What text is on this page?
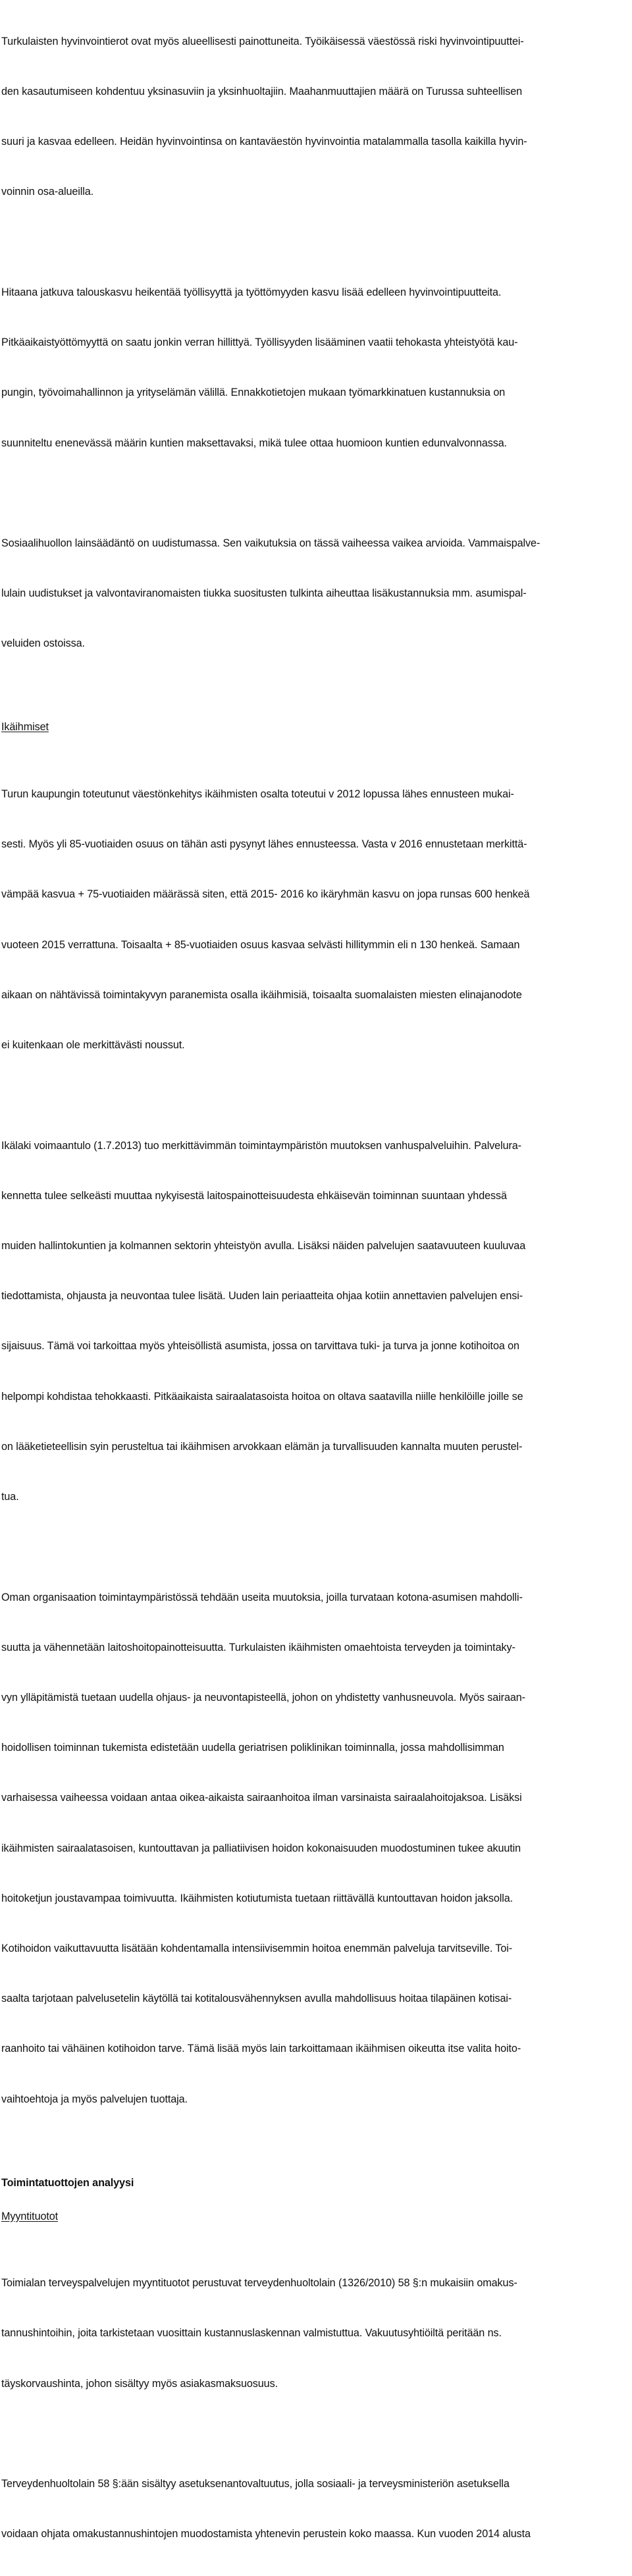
Turkulaisten hyvinvointierot ovat myös alueellisesti painottuneita. Työikäisessä väestössä riski hyvinvointipuuttei-

den kasautumiseen kohdentuu yksinasuviin ja yksinhuoltajiin. Maahanmuuttajien määrä on Turussa suhteellisen

suuri ja kasvaa edelleen. Heidän hyvinvointinsa on kantaväestön hyvinvointia matalammalla tasolla kaikilla hyvin-

voinnin osa-alueilla.

Hitaana jatkuva talouskasvu heikentää työllisyyttä ja työttömyyden kasvu lisää edelleen hyvinvointipuutteita.

Pitkäaikaistyöttömyyttä on saatu jonkin verran hillittyä. Työllisyyden lisääminen vaatii tehokasta yhteistyötä kau-

pungin, työvoimahallinnon ja yrityselämän välillä. Ennakkotietojen mukaan työmarkkinatuen kustannuksia on

suunniteltu enenevässä määrin kuntien maksettavaksi, mikä tulee ottaa huomioon kuntien edunvalvonnassa.

Sosiaalihuollon lainsäädäntö on uudistumassa. Sen vaikutuksia on tässä vaiheessa vaikea arvioida. Vammaispalve-

lulain uudistukset ja valvontaviranomaisten tiukka suositusten tulkinta aiheuttaa lisäkustannuksia mm. asumispal-

veluiden ostoissa.

Ikäihmiset

Turun kaupungin toteutunut väestönkehitys ikäihmisten osalta toteutui v 2012 lopussa lähes ennusteen mukai-

sesti. Myös yli 85-vuotiaiden osuus on tähän asti pysynyt lähes ennusteessa. Vasta v 2016 ennustetaan merkittä-

vämpää kasvua + 75-vuotiaiden määrässä siten, että 2015- 2016 ko ikäryhmän kasvu on jopa runsas 600 henkeä

vuoteen 2015 verrattuna. Toisaalta + 85-vuotiaiden osuus kasvaa selvästi hillitymmin eli n 130 henkeä. Samaan

aikaan on nähtävissä toimintakyvyn paranemista osalla ikäihmisiä, toisaalta suomalaisten miesten elinajanodote

ei kuitenkaan ole merkittävästi noussut.

Ikälaki voimaantulo (1.7.2013) tuo merkittävimmän toimintaympäristön muutoksen vanhuspalveluihin. Palvelura-

kennetta tulee selkeästi muuttaa nykyisestä laitospainotteisuudesta ehkäisevän toiminnan suuntaan yhdessä

muiden hallintokuntien ja kolmannen sektorin yhteistyön avulla. Lisäksi näiden palvelujen saatavuuteen kuuluvaa

tiedottamista, ohjausta ja neuvontaa tulee lisätä. Uuden lain periaatteita ohjaa kotiin annettavien palvelujen ensi-

sijaisuus. Tämä voi tarkoittaa myös yhteisöllistä asumista, jossa on tarvittava tuki- ja turva ja jonne kotihoitoa on

helpompi kohdistaa tehokkaasti. Pitkäaikaista sairaalatasoista hoitoa on oltava saatavilla niille henkilöille joille se

on lääketieteellisin syin perusteltua tai ikäihmisen arvokkaan elämän ja turvallisuuden kannalta muuten perustel-

tua.

Oman organisaation toimintaympäristössä tehdään useita muutoksia, joilla turvataan kotona-asumisen mahdolli-

suutta ja vähennetään laitoshoitopainotteisuutta. Turkulaisten ikäihmisten omaehtoista terveyden ja toimintaky-

vyn ylläpitämistä tuetaan uudella ohjaus- ja neuvontapisteellä, johon on yhdistetty vanhusneuvola. Myös sairaan-

hoidollisen toiminnan tukemista edistetään uudella geriatrisen poliklinikan toiminnalla, jossa mahdollisimman

varhaisessa vaiheessa voidaan antaa oikea-aikaista sairaanhoitoa ilman varsinaista sairaalahoitojaksoa. Lisäksi

ikäihmisten sairaalatasoisen, kuntouttavan ja palliatiivisen hoidon kokonaisuuden muodostuminen tukee akuutin

hoitoketjun joustavampaa toimivuutta. Ikäihmisten kotiutumista tuetaan riittävällä kuntouttavan hoidon jaksolla.

Kotihoidon vaikuttavuutta lisätään kohdentamalla intensiivisemmin hoitoa enemmän palveluja tarvitseville. Toi-

saalta tarjotaan palvelusetelin käytöllä tai kotitalousvähennyksen avulla mahdollisuus hoitaa tilapäinen kotisai-

raanhoito tai vähäinen kotihoidon tarve. Tämä lisää myös lain tarkoittamaan ikäihmisen oikeutta itse valita hoito-

vaihtoehtoja ja myös palvelujen tuottaja.

Toimintatuottojen analyysi
Myyntituotot

Toimialan terveyspalvelujen myyntituotot perustuvat terveydenhuoltolain (1326/2010) 58 §:n mukaisiin omakus-

tannushintoihin, joita tarkistetaan vuosittain kustannuslaskennan valmistuttua. Vakuutusyhtiöiltä peritään ns.

täyskorvaushinta, johon sisältyy myös asiakasmaksuosuus.

Terveydenhuoltolain 58 §:ään sisältyy asetuksenantovaltuutus, jolla sosiaali- ja terveysministeriön asetuksella

voidaan ohjata omakustannushintojen muodostamista yhtenevin perustein koko maassa. Kun vuoden 2014 alusta
